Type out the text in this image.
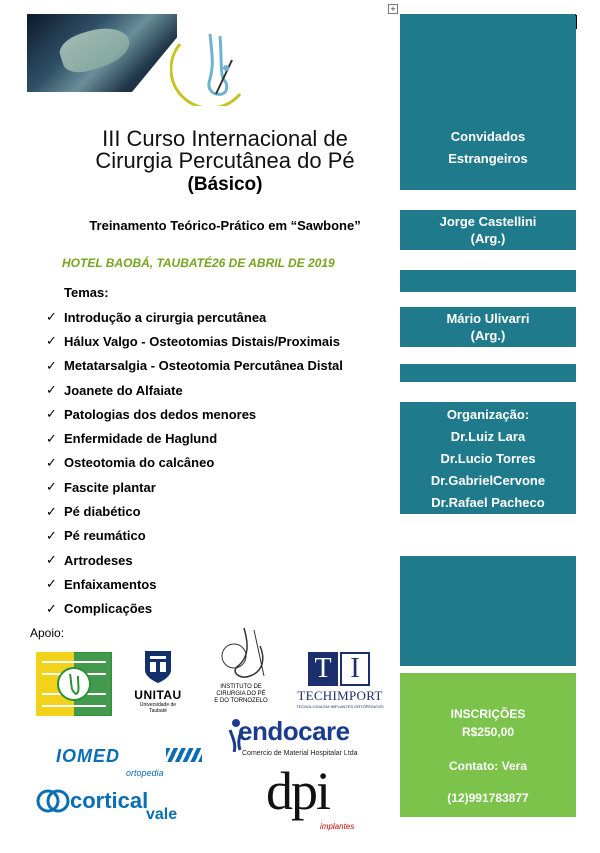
III Curso Internacional de
Cirurgia Percutânea do Pé
(Básico)
Treinamento Teórico-Prático em “Sawbone”
HOTEL BAOBÁ, TAUBATÉ26 DE ABRIL DE 2019
Temas:
✓ Introdução a cirurgia percutânea
✓ Hálux Valgo - Osteotomias Distais/Proximais
✓ Metatarsalgia - Osteotomia Percutânea Distal
✓ Joanete do Alfaiate
✓ Patologias dos dedos menores
✓ Enfermidade de Haglund
✓ Osteotomia do calcâneo
✓ Fascite plantar
✓ Pé diabético
✓ Pé reumático
✓ Artrodeses
✓ Enfaixamentos
✓ Complicações
Apoio:
+
Convidados
Estrangeiros
Jorge Castellini
(Arg.)
Mário Ulivarri
(Arg.)
Organização:
Dr.Luiz Lara
Dr.Lucio Torres
Dr.GabrielCervone
Dr.Rafael Pacheco
INSCRIÇÕES
R$250,00
Contato: Vera
(12)991783877
UNITAU
Universidade de Taubaté
INSTITUTO DE
CIRURGIA DO PÉ
E DO TORNOZELO
T I
TECHIMPORT
TECNOLOGIA EM IMPLANTES ORTOPÉDICOS
IOMED
ortopedia
endocare
Comercio de Material Hospitalar Ltda
cortical
vale dpi
implantes
